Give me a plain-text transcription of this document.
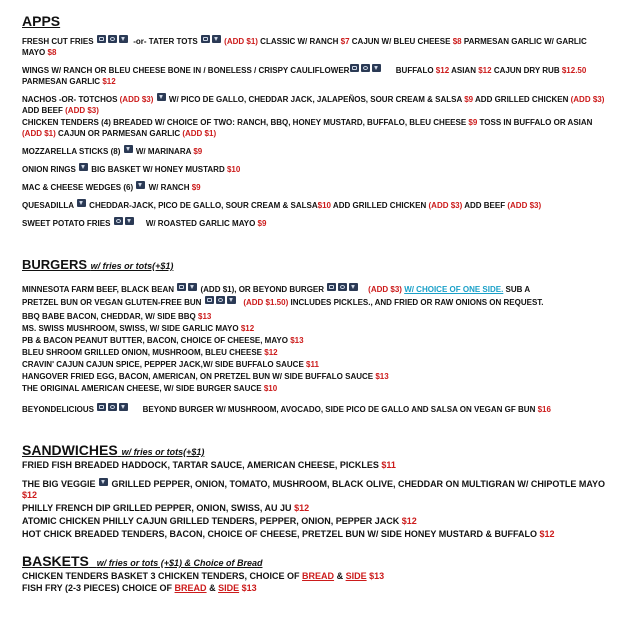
APPS
FRESH CUT FRIES	-or- TATER TOTS	(ADD $1) CLASSIC W/ RANCH $7 CAJUN W/ BLEU CHEESE $8 PARMESAN GARLIC W/ GARLIC MAYO $8
WINGS W/ RANCH OR BLEU CHEESE BONE IN / BONELESS / CRISPY CAULIFLOWER	BUFFALO $12 ASIAN $12 CAJUN DRY RUB $12.50 PARMESAN GARLIC $12
NACHOS -OR- TOTCHOS (ADD $3) W/ PICO DE GALLO, CHEDDAR JACK, JALAPEÑOS, SOUR CREAM & SALSA $9 ADD GRILLED CHICKEN (ADD $3) ADD BEEF (ADD $3)
CHICKEN TENDERS (4) BREADED W/ CHOICE OF TWO: RANCH, BBQ, HONEY MUSTARD, BUFFALO, BLEU CHEESE $9 TOSS IN BUFFALO OR ASIAN (ADD $1) CAJUN OR PARMESAN GARLIC (ADD $1)
MOZZARELLA STICKS (8) W/ MARINARA $9
ONION RINGS BIG BASKET W/ HONEY MUSTARD $10
MAC & CHEESE WEDGES (6) W/ RANCH $9
QUESADILLA CHEDDAR-JACK, PICO DE GALLO, SOUR CREAM & SALSA$10 ADD GRILLED CHICKEN (ADD $3) ADD BEEF (ADD $3)
SWEET POTATO FRIES	W/ ROASTED GARLIC MAYO $9
BURGERS w/ fries or tots(+$1)
MINNESOTA FARM BEEF, BLACK BEAN	(ADD $1), OR BEYOND BURGER	(ADD $3) W/ CHOICE OF ONE SIDE. SUB A
PRETZEL BUN OR VEGAN GLUTEN-FREE BUN	(ADD $1.50) INCLUDES PICKLES., AND FRIED OR RAW ONIONS ON REQUEST.
BBQ BABE BACON, CHEDDAR, W/ SIDE BBQ $13
MS. SWISS MUSHROOM, SWISS, W/ SIDE GARLIC MAYO $12
PB & BACON PEANUT BUTTER, BACON, CHOICE OF CHEESE, MAYO $13
BLEU SHROOM GRILLED ONION, MUSHROOM, BLEU CHEESE $12
CRAVIN' CAJUN CAJUN SPICE, PEPPER JACK,W/ SIDE BUFFALO SAUCE $11
HANGOVER FRIED EGG, BACON, AMERICAN, ON PRETZEL BUN W/ SIDE BUFFALO SAUCE $13
THE ORIGINAL AMERICAN CHEESE, W/ SIDE BURGER SAUCE $10
BEYONDELICIOUS	BEYOND BURGER W/ MUSHROOM, AVOCADO, SIDE PICO DE GALLO AND SALSA ON VEGAN GF BUN $16
SANDWICHES w/ fries or tots(+$1)
FRIED FISH BREADED HADDOCK, TARTAR SAUCE, AMERICAN CHEESE, PICKLES $11
THE BIG VEGGIE GRILLED PEPPER, ONION, TOMATO, MUSHROOM, BLACK OLIVE, CHEDDAR ON MULTIGRAN W/ CHIPOTLE MAYO $12
PHILLY FRENCH DIP GRILLED PEPPER, ONION, SWISS, AU JU $12
ATOMIC CHICKEN PHILLY CAJUN GRILLED TENDERS, PEPPER, ONION, PEPPER JACK $12
HOT CHICK BREADED TENDERS, BACON, CHOICE OF CHEESE, PRETZEL BUN W/ SIDE HONEY MUSTARD & BUFFALO $12
BASKETS w/ fries or tots (+$1) & Choice of Bread
CHICKEN TENDERS BASKET 3 CHICKEN TENDERS, CHOICE OF BREAD & SIDE $13
FISH FRY (2-3 PIECES) CHOICE OF BREAD & SIDE $13
